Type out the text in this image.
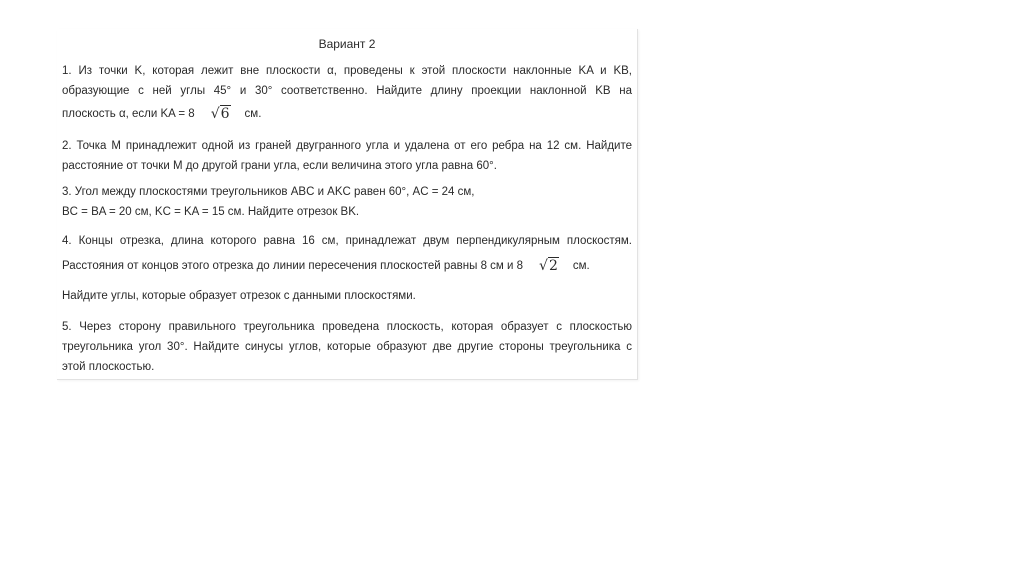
Вариант 2
1. Из точки K, которая лежит вне плоскости α, проведены к этой плоскости наклонные KA и KB,
образующие с ней углы 45° и 30° соответственно. Найдите длину проекции наклонной KB на
плоскость α, если KA = 8 √6 см.
2. Точка M принадлежит одной из граней двугранного угла и удалена от его ребра на 12 см. Найдите
расстояние от точки M до другой грани угла, если величина этого угла равна 60°.
3. Угол между плоскостями треугольников ABC и AKC равен 60°, AC = 24 см,
BC = BA = 20 см, KC = KA = 15 см. Найдите отрезок BK.
4. Концы отрезка, длина которого равна 16 см, принадлежат двум перпендикулярным плоскостям.
Расстояния от концов этого отрезка до линии пересечения плоскостей равны 8 см и 8 √2 см.
Найдите углы, которые образует отрезок с данными плоскостями.
5. Через сторону правильного треугольника проведена плоскость, которая образует с плоскостью
треугольника угол 30°. Найдите синусы углов, которые образуют две другие стороны треугольника с
этой плоскостью.
